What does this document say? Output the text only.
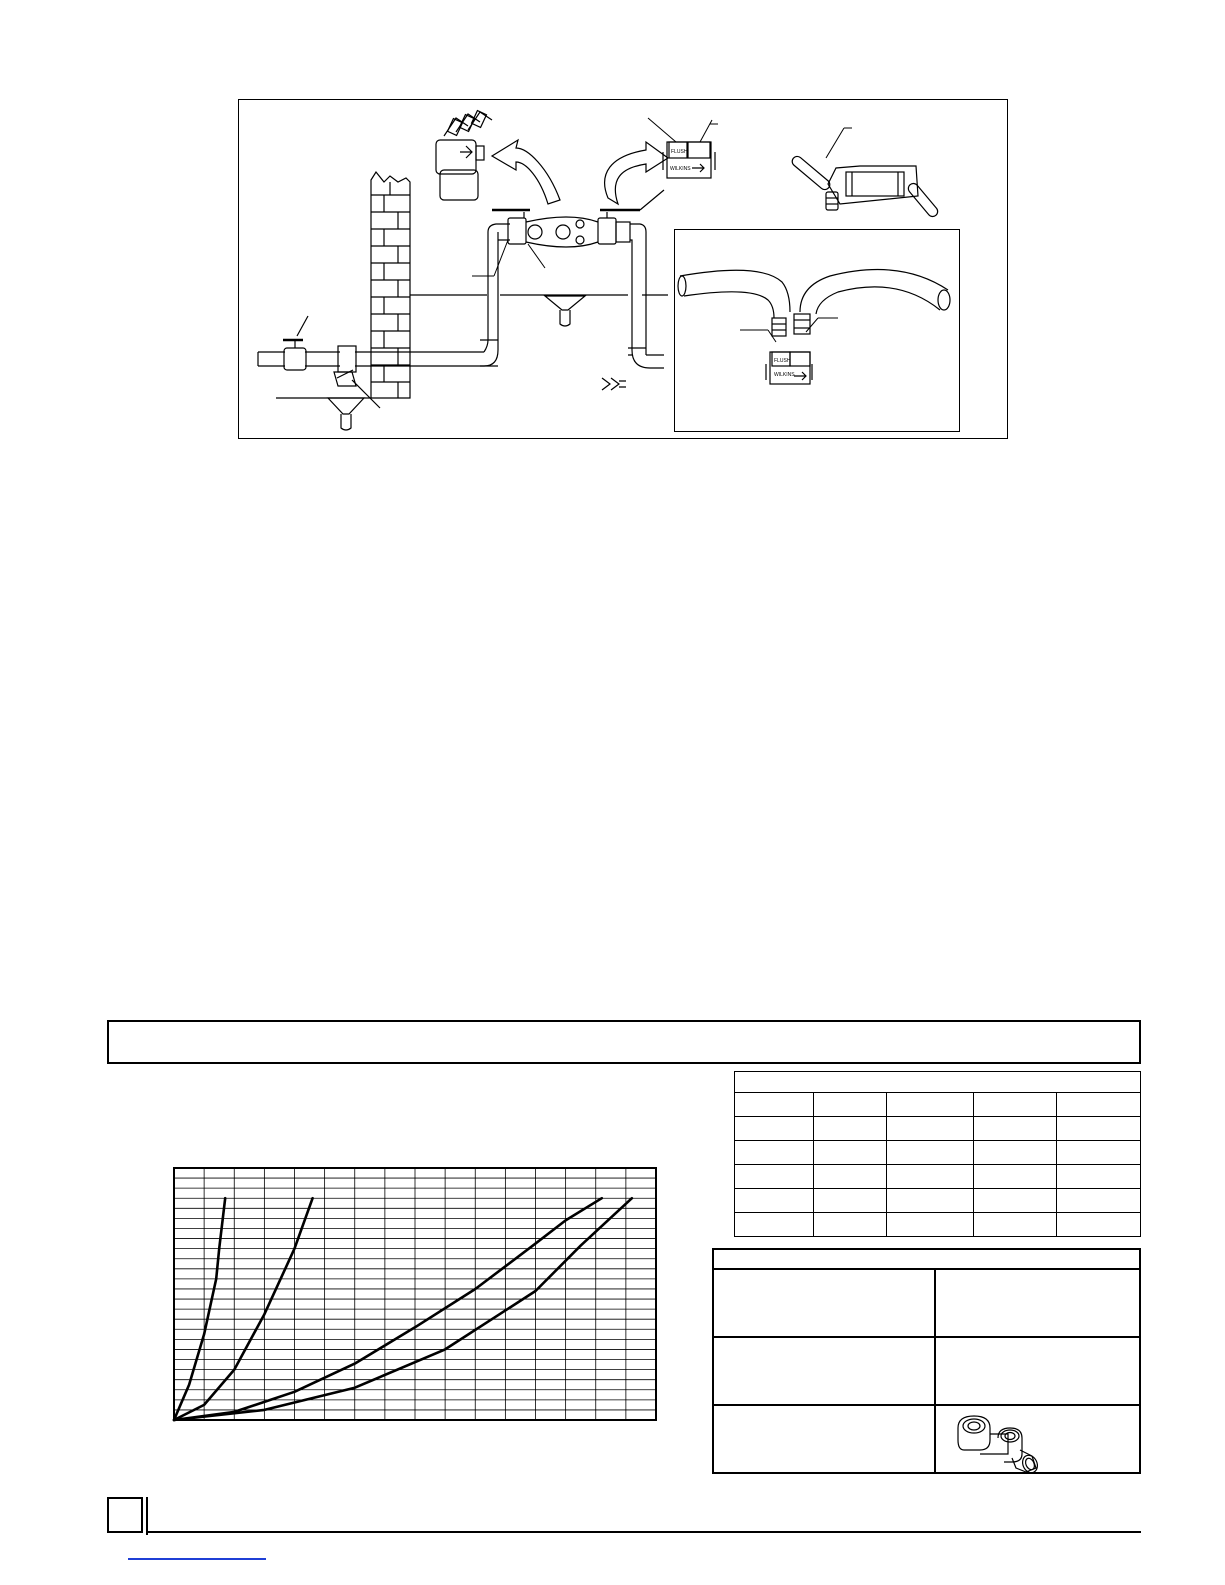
FLUSH
WILKINS
FLUSH
WILKINS
